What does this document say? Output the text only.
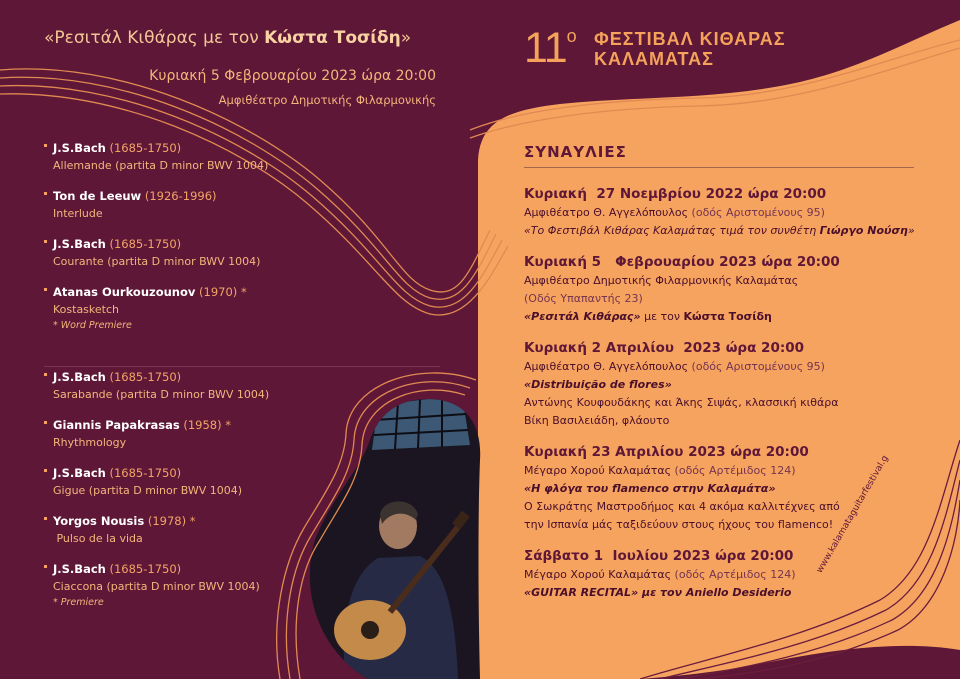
«Ρεσιτάλ Κιθάρας με τον Κώστα Τοσίδη»
Κυριακή 5 Φεβρουαρίου 2023 ώρα 20:00
Αμφιθέατρο Δημοτικής Φιλαρμονικής
J.S.Bach (1685-1750)
Allemande (partita D minor BWV 1004)
Ton de Leeuw (1926-1996)
Interlude
J.S.Bach (1685-1750)
Courante (partita D minor BWV 1004)
Atanas Ourkouzounov (1970) *
Kostasketch
* Word Premiere
J.S.Bach (1685-1750)
Sarabande (partita D minor BWV 1004)
Giannis Papakrasas (1958) *
Rhythmology
J.S.Bach (1685-1750)
Gigue (partita D minor BWV 1004)
Yorgos Nousis (1978) *
Pulso de la vida
J.S.Bach (1685-1750)
Ciaccona (partita D minor BWV 1004)
* Premiere
$11^o$ ΦΕΣΤΙΒΑΛ ΚΙΘΑΡΑΣ
ΚΑΛΑΜΑΤΑΣ
ΣΥΝΑΥΛΙΕΣ
Κυριακή  27 Νοεμβρίου 2022 ώρα 20:00
Αμφιθέατρο Θ. Αγγελόπουλος (οδός Αριστομένους 95)
«Το Φεστιβάλ Κιθάρας Καλαμάτας τιμά τον συνθέτη Γιώργο Νούση»
Κυριακή 5   Φεβρουαρίου 2023 ώρα 20:00
Αμφιθέατρο Δημοτικής Φιλαρμονικής Καλαμάτας
(Οδός Υπαπαντής 23)
«Ρεσιτάλ Κιθάρας» με τον Κώστα Τοσίδη
Κυριακή 2 Απριλίου  2023 ώρα 20:00
Αμφιθέατρο Θ. Αγγελόπουλος (οδός Αριστομένους 95)
«Distribuição de flores»
Αντώνης Κουφουδάκης και Άκης Σιψάς, κλασσική κιθάρα
Βίκη Βασιλειάδη, φλάουτο
Κυριακή 23 Απριλίου 2023 ώρα 20:00
Μέγαρο Χορού Καλαμάτας (οδός Αρτέμιδος 124)
«Η φλόγα του flamenco στην Καλαμάτα»
Ο Σωκράτης Μαστροδήμος και 4 ακόμα καλλιτέχνες από
την Ισπανία μάς ταξιδεύουν στους ήχους του flamenco!
Σάββατο 1  Ιουλίου 2023 ώρα 20:00
Μέγαρο Χορού Καλαμάτας (οδός Αρτέμιδος 124)
«GUITAR RECITAL» με τον Aniello Desiderio
www.kalamataguitarfestival.g
